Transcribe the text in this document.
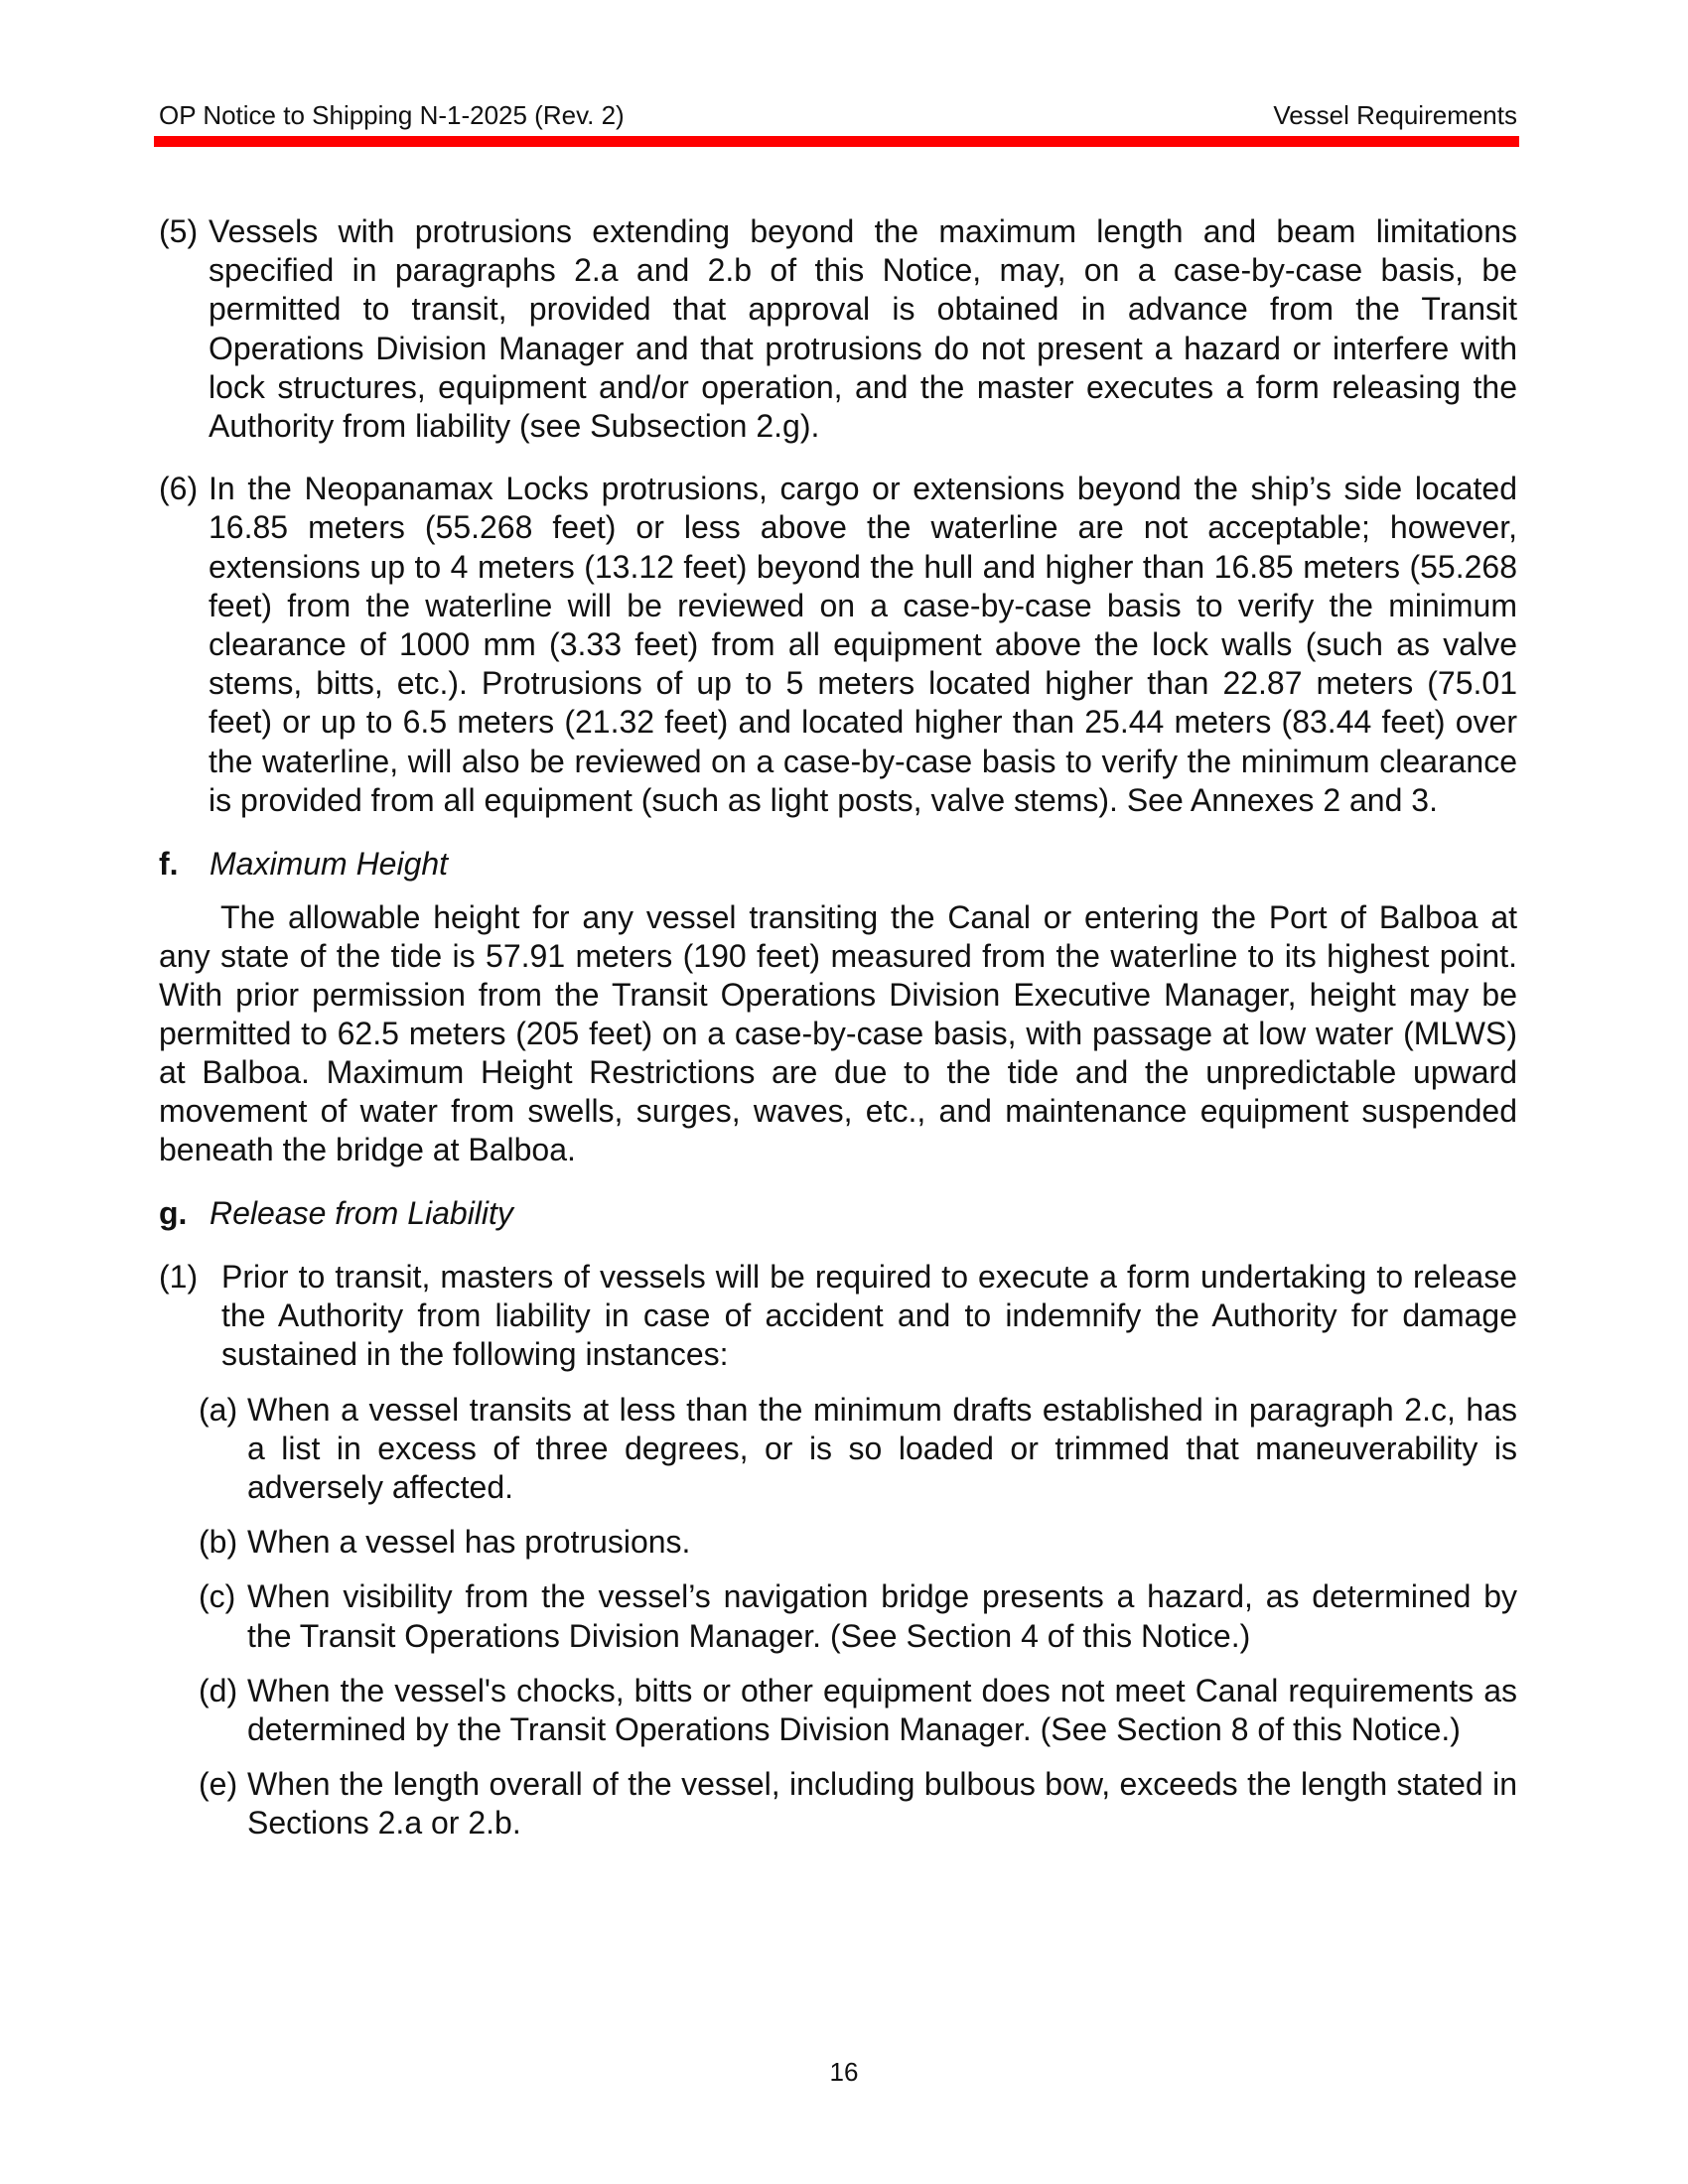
OP Notice to Shipping N-1-2025 (Rev. 2)	Vessel Requirements
(5) Vessels with protrusions extending beyond the maximum length and beam limitations specified in paragraphs 2.a and 2.b of this Notice, may, on a case-by-case basis, be permitted to transit, provided that approval is obtained in advance from the Transit Operations Division Manager and that protrusions do not present a hazard or interfere with lock structures, equipment and/or operation, and the master executes a form releasing the Authority from liability (see Subsection 2.g).
(6) In the Neopanamax Locks protrusions, cargo or extensions beyond the ship’s side located 16.85 meters (55.268 feet) or less above the waterline are not acceptable; however, extensions up to 4 meters (13.12 feet) beyond the hull and higher than 16.85 meters (55.268 feet) from the waterline will be reviewed on a case-by-case basis to verify the minimum clearance of 1000 mm (3.33 feet) from all equipment above the lock walls (such as valve stems, bitts, etc.). Protrusions of up to 5 meters located higher than 22.87 meters (75.01 feet) or up to 6.5 meters (21.32 feet) and located higher than 25.44 meters (83.44 feet) over the waterline, will also be reviewed on a case-by-case basis to verify the minimum clearance is provided from all equipment (such as light posts, valve stems). See Annexes 2 and 3.
f. Maximum Height
The allowable height for any vessel transiting the Canal or entering the Port of Balboa at any state of the tide is 57.91 meters (190 feet) measured from the waterline to its highest point. With prior permission from the Transit Operations Division Executive Manager, height may be permitted to 62.5 meters (205 feet) on a case-by-case basis, with passage at low water (MLWS) at Balboa. Maximum Height Restrictions are due to the tide and the unpredictable upward movement of water from swells, surges, waves, etc., and maintenance equipment suspended beneath the bridge at Balboa.
g. Release from Liability
(1) Prior to transit, masters of vessels will be required to execute a form undertaking to release the Authority from liability in case of accident and to indemnify the Authority for damage sustained in the following instances:
(a) When a vessel transits at less than the minimum drafts established in paragraph 2.c, has a list in excess of three degrees, or is so loaded or trimmed that maneuverability is adversely affected.
(b) When a vessel has protrusions.
(c) When visibility from the vessel’s navigation bridge presents a hazard, as determined by the Transit Operations Division Manager. (See Section 4 of this Notice.)
(d) When the vessel's chocks, bitts or other equipment does not meet Canal requirements as determined by the Transit Operations Division Manager. (See Section 8 of this Notice.)
(e) When the length overall of the vessel, including bulbous bow, exceeds the length stated in Sections 2.a or 2.b.
16
